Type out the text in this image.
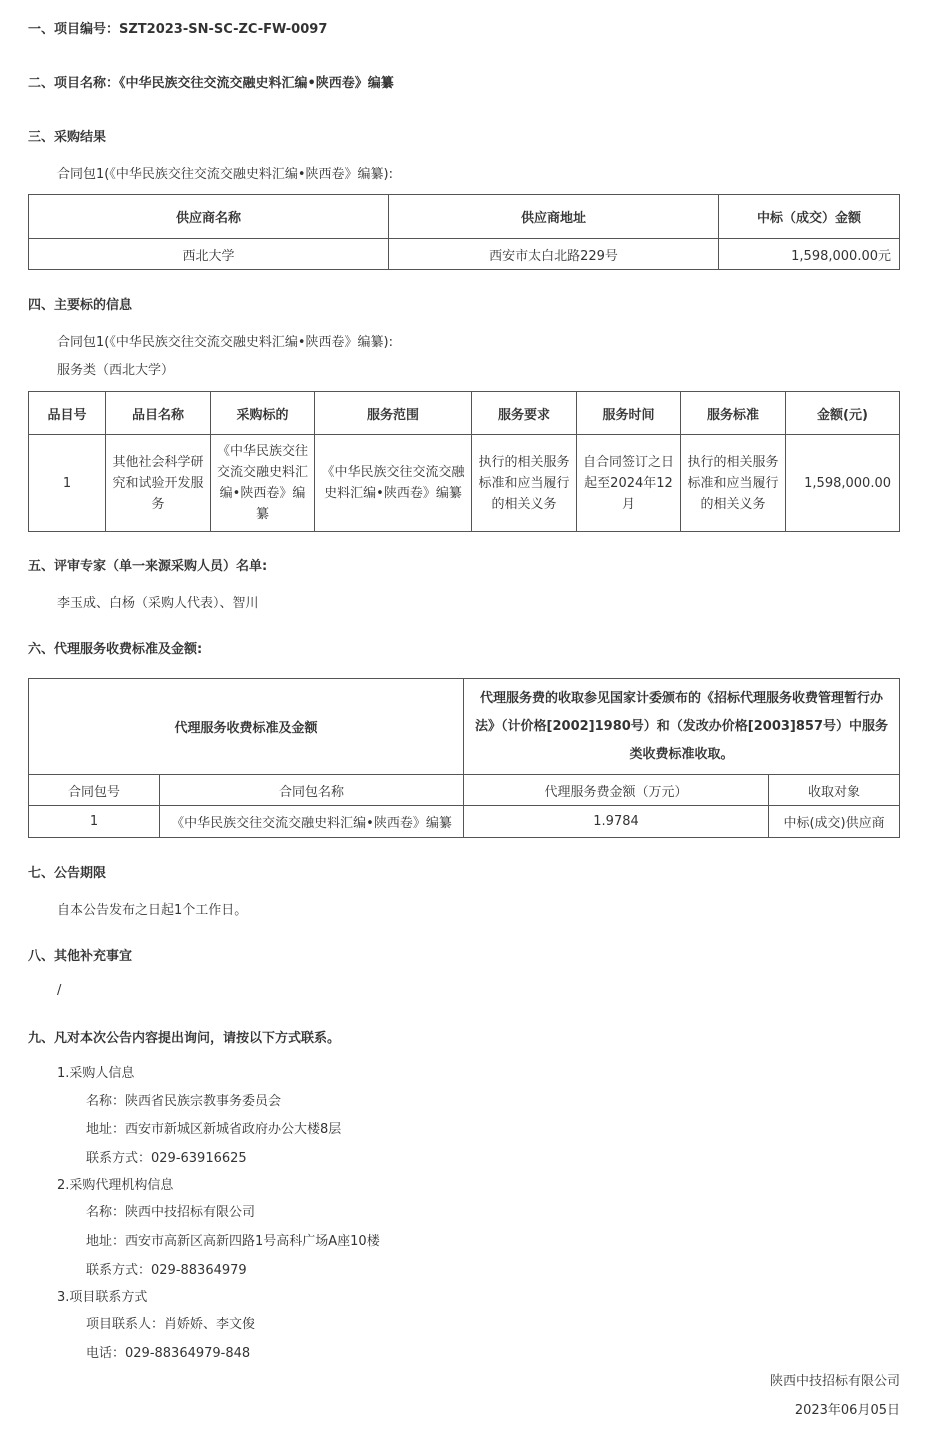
一、项目编号：SZT2023-SN-SC-ZC-FW-0097
二、项目名称：《中华民族交往交流交融史料汇编•陕西卷》编纂
三、采购结果
合同包1(《中华民族交往交流交融史料汇编•陕西卷》编纂):
供应商名称	供应商地址	中标（成交）金额
西北大学	西安市太白北路229号	1,598,000.00元
四、主要标的信息
合同包1(《中华民族交往交流交融史料汇编•陕西卷》编纂):
服务类（西北大学）
品目号	品目名称	采购标的	服务范围	服务要求	服务时间	服务标准	金额(元)
1	其他社会科学研究和试验开发服务	《中华民族交往交流交融史料汇编•陕西卷》编纂	《中华民族交往交流交融史料汇编•陕西卷》编纂	执行的相关服务标准和应当履行的相关义务	自合同签订之日起至2024年12月	执行的相关服务标准和应当履行的相关义务	1,598,000.00
五、评审专家（单一来源采购人员）名单:
李玉成、白杨（采购人代表）、智川
六、代理服务收费标准及金额:
代理服务收费标准及金额		代理服务费的收取参见国家计委颁布的《招标代理服务收费管理暂行办法》（计价格[2002]1980号）和（发改办价格[2003]857号）中服务类收费标准收取。	
合同包号	合同包名称	代理服务费金额（万元）	收取对象
1	《中华民族交往交流交融史料汇编•陕西卷》编纂	1.9784	中标(成交)供应商
七、公告期限
自本公告发布之日起1个工作日。
八、其他补充事宜
/
九、凡对本次公告内容提出询问，请按以下方式联系。
1.采购人信息
名称：陕西省民族宗教事务委员会
地址：西安市新城区新城省政府办公大楼8层
联系方式：029-63916625
2.采购代理机构信息
名称：陕西中技招标有限公司
地址：西安市高新区高新四路1号高科广场A座10楼
联系方式：029-88364979
3.项目联系方式
项目联系人：肖娇娇、李文俊
电话：029-88364979-848
陕西中技招标有限公司
2023年06月05日
